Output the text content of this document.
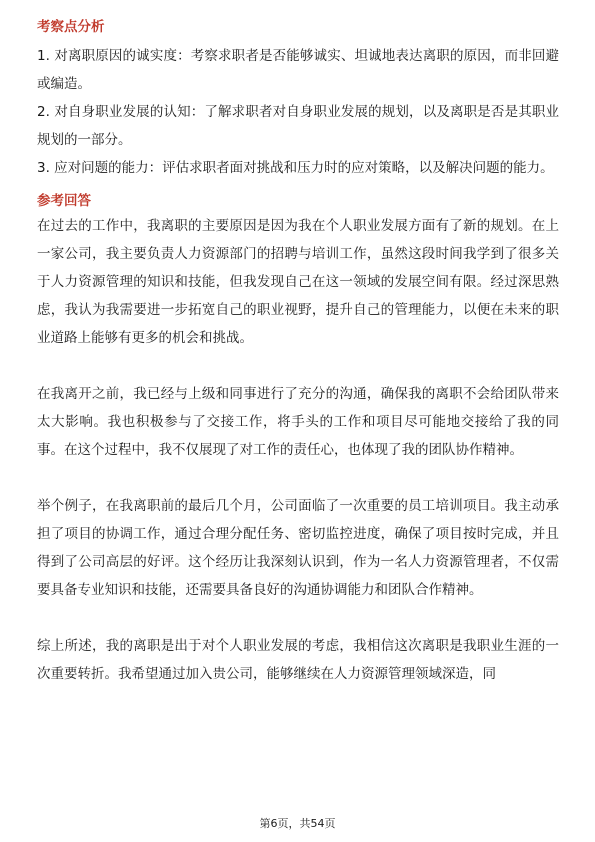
考察点分析

1. 对离职原因的诚实度：考察求职者是否能够诚实、坦诚地表达离职的原因，而非回避或编造。

2. 对自身职业发展的认知：了解求职者对自身职业发展的规划，以及离职是否是其职业规划的一部分。

3. 应对问题的能力：评估求职者面对挑战和压力时的应对策略，以及解决问题的能力。

参考回答

在过去的工作中，我离职的主要原因是因为我在个人职业发展方面有了新的规划。在上一家公司，我主要负责人力资源部门的招聘与培训工作，虽然这段时间我学到了很多关于人力资源管理的知识和技能，但我发现自己在这一领域的发展空间有限。经过深思熟虑，我认为我需要进一步拓宽自己的职业视野，提升自己的管理能力，以便在未来的职业道路上能够有更多的机会和挑战。

在我离开之前，我已经与上级和同事进行了充分的沟通，确保我的离职不会给团队带来太大影响。我也积极参与了交接工作，将手头的工作和项目尽可能地交接给了我的同事。在这个过程中，我不仅展现了对工作的责任心，也体现了我的团队协作精神。

举个例子，在我离职前的最后几个月，公司面临了一次重要的员工培训项目。我主动承担了项目的协调工作，通过合理分配任务、密切监控进度，确保了项目按时完成，并且得到了公司高层的好评。这个经历让我深刻认识到，作为一名人力资源管理者，不仅需要具备专业知识和技能，还需要具备良好的沟通协调能力和团队合作精神。

综上所述，我的离职是出于对个人职业发展的考虑，我相信这次离职是我职业生涯的一次重要转折。我希望通过加入贵公司，能够继续在人力资源管理领域深造，同

第6页，共54页
